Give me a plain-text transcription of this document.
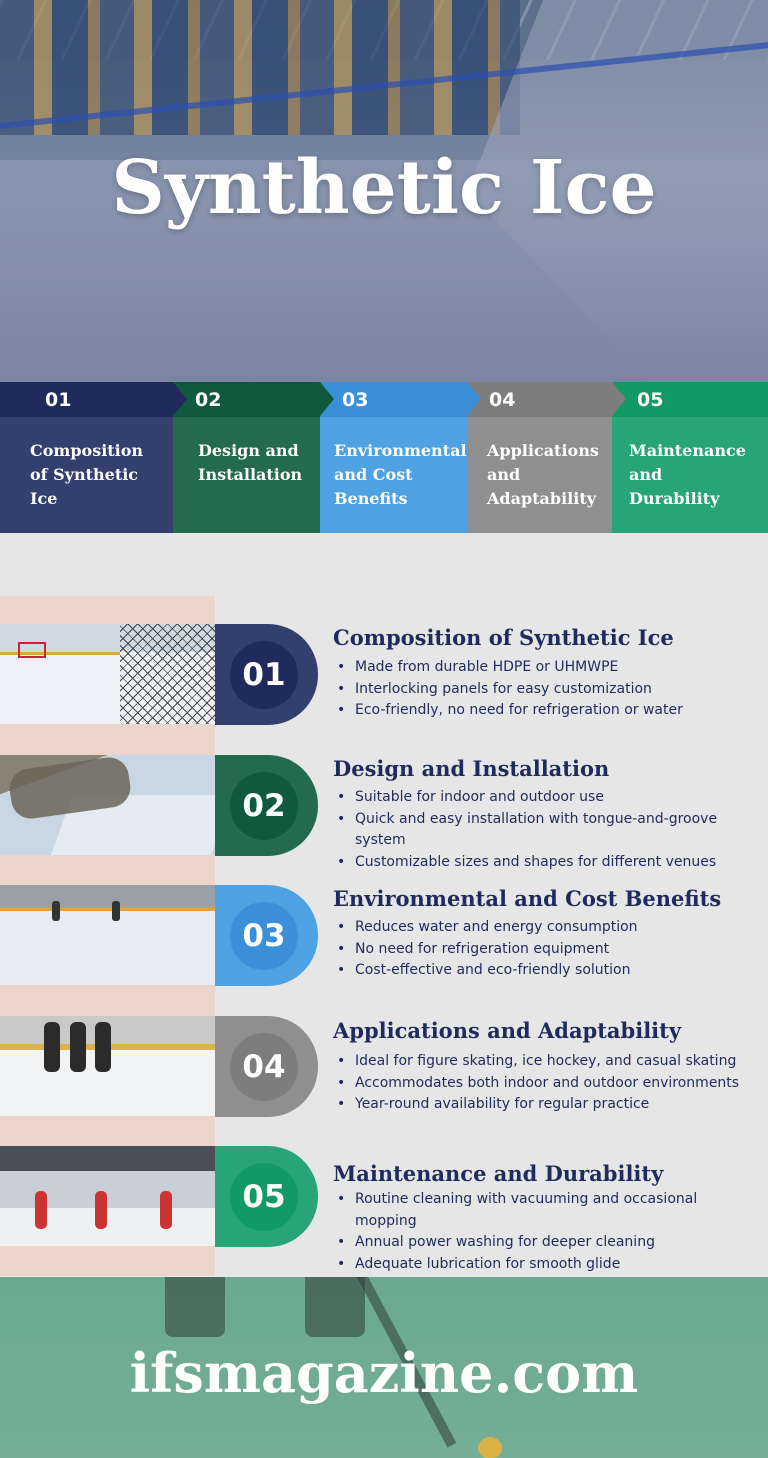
Synthetic Ice
01
Composition of Synthetic Ice
02
Design and Installation
03
Environmental and Cost Benefits
04
Applications and Adaptability
05
Maintenance and Durability
01
Composition of Synthetic Ice
• Made from durable HDPE or UHMWPE
• Interlocking panels for easy customization
• Eco-friendly, no need for refrigeration or water
02
Design and Installation
• Suitable for indoor and outdoor use
• Quick and easy installation with tongue-and-groove system
• Customizable sizes and shapes for different venues
03
Environmental and Cost Benefits
• Reduces water and energy consumption
• No need for refrigeration equipment
• Cost-effective and eco-friendly solution
04
Applications and Adaptability
• Ideal for figure skating, ice hockey, and casual skating
• Accommodates both indoor and outdoor environments
• Year-round availability for regular practice
05
Maintenance and Durability
• Routine cleaning with vacuuming and occasional mopping
• Annual power washing for deeper cleaning
• Adequate lubrication for smooth glide
ifsmagazine.com
